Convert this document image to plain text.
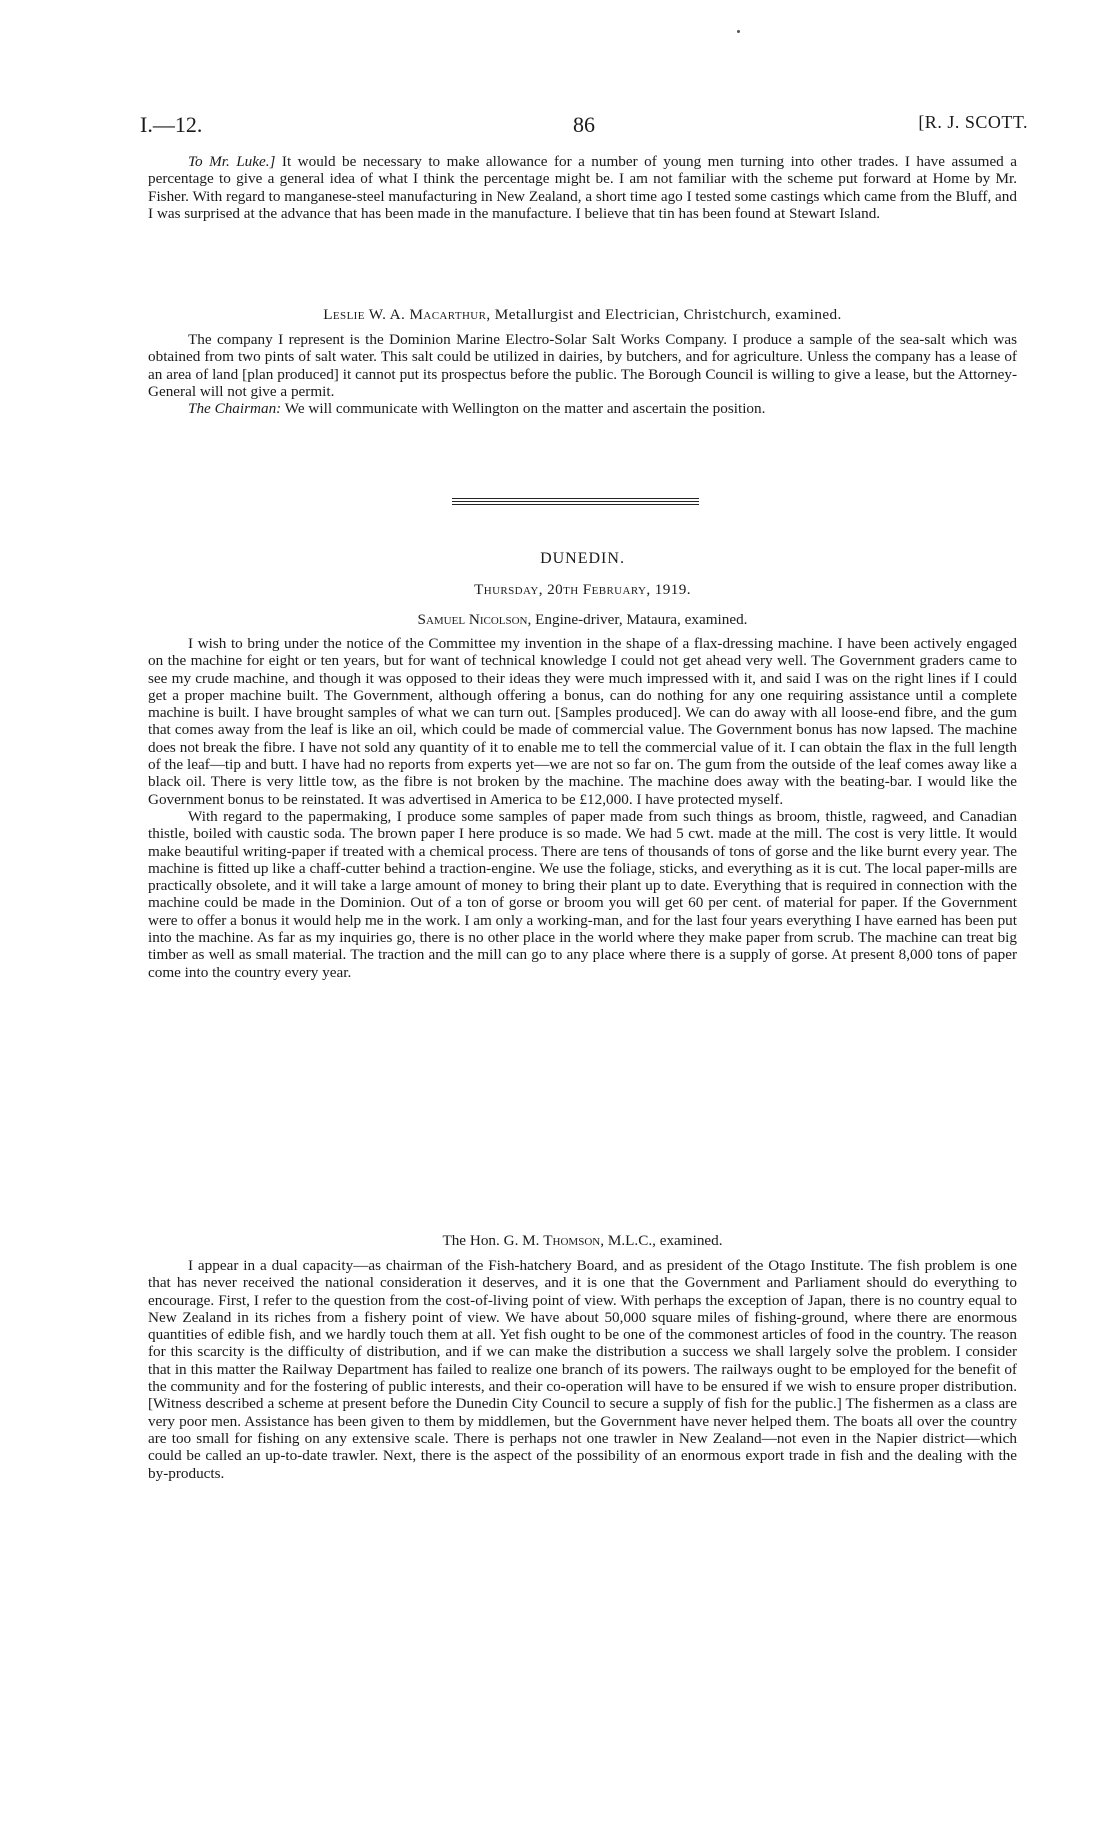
I.—12.	86	[R. J. SCOTT.

To Mr. Luke.] It would be necessary to make allowance for a number of young men turning into other trades. I have assumed a percentage to give a general idea of what I think the percentage might be. I am not familiar with the scheme put forward at Home by Mr. Fisher. With regard to manganese-steel manufacturing in New Zealand, a short time ago I tested some castings which came from the Bluff, and I was surprised at the advance that has been made in the manufacture. I believe that tin has been found at Stewart Island.

Leslie W. A. Macarthur, Metallurgist and Electrician, Christchurch, examined.

The company I represent is the Dominion Marine Electro-Solar Salt Works Company. I produce a sample of the sea-salt which was obtained from two pints of salt water. This salt could be utilized in dairies, by butchers, and for agriculture. Unless the company has a lease of an area of land [plan produced] it cannot put its prospectus before the public. The Borough Council is willing to give a lease, but the Attorney-General will not give a permit.

The Chairman: We will communicate with Wellington on the matter and ascertain the position.

DUNEDIN.
Thursday, 20th February, 1919.
Samuel Nicolson, Engine-driver, Mataura, examined.

I wish to bring under the notice of the Committee my invention in the shape of a flax-dressing machine. I have been actively engaged on the machine for eight or ten years, but for want of technical knowledge I could not get ahead very well. The Government graders came to see my crude machine, and though it was opposed to their ideas they were much impressed with it, and said I was on the right lines if I could get a proper machine built. The Government, although offering a bonus, can do nothing for any one requiring assistance until a complete machine is built. I have brought samples of what we can turn out. [Samples produced]. We can do away with all loose-end fibre, and the gum that comes away from the leaf is like an oil, which could be made of commercial value. The Government bonus has now lapsed. The machine does not break the fibre. I have not sold any quantity of it to enable me to tell the commercial value of it. I can obtain the flax in the full length of the leaf—tip and butt. I have had no reports from experts yet—we are not so far on. The gum from the outside of the leaf comes away like a black oil. There is very little tow, as the fibre is not broken by the machine. The machine does away with the beating-bar. I would like the Government bonus to be reinstated. It was advertised in America to be £12,000. I have protected myself.

With regard to the papermaking, I produce some samples of paper made from such things as broom, thistle, ragweed, and Canadian thistle, boiled with caustic soda. The brown paper I here produce is so made. We had 5 cwt. made at the mill. The cost is very little. It would make beautiful writing-paper if treated with a chemical process. There are tens of thousands of tons of gorse and the like burnt every year. The machine is fitted up like a chaff-cutter behind a traction-engine. We use the foliage, sticks, and everything as it is cut. The local paper-mills are practically obsolete, and it will take a large amount of money to bring their plant up to date. Everything that is required in connection with the machine could be made in the Dominion. Out of a ton of gorse or broom you will get 60 per cent. of material for paper. If the Government were to offer a bonus it would help me in the work. I am only a working-man, and for the last four years everything I have earned has been put into the machine. As far as my inquiries go, there is no other place in the world where they make paper from scrub. The machine can treat big timber as well as small material. The traction and the mill can go to any place where there is a supply of gorse. At present 8,000 tons of paper come into the country every year.

The Hon. G. M. Thomson, M.L.C., examined.

I appear in a dual capacity—as chairman of the Fish-hatchery Board, and as president of the Otago Institute. The fish problem is one that has never received the national consideration it deserves, and it is one that the Government and Parliament should do everything to encourage. First, I refer to the question from the cost-of-living point of view. With perhaps the exception of Japan, there is no country equal to New Zealand in its riches from a fishery point of view. We have about 50,000 square miles of fishing-ground, where there are enormous quantities of edible fish, and we hardly touch them at all. Yet fish ought to be one of the commonest articles of food in the country. The reason for this scarcity is the difficulty of distribution, and if we can make the distribution a success we shall largely solve the problem. I consider that in this matter the Railway Department has failed to realize one branch of its powers. The railways ought to be employed for the benefit of the community and for the fostering of public interests, and their co-operation will have to be ensured if we wish to ensure proper distribution. [Witness described a scheme at present before the Dunedin City Council to secure a supply of fish for the public.] The fishermen as a class are very poor men. Assistance has been given to them by middlemen, but the Government have never helped them. The boats all over the country are too small for fishing on any extensive scale. There is perhaps not one trawler in New Zealand—not even in the Napier district—which could be called an up-to-date trawler. Next, there is the aspect of the possibility of an enormous export trade in fish and the dealing with the by-products.
